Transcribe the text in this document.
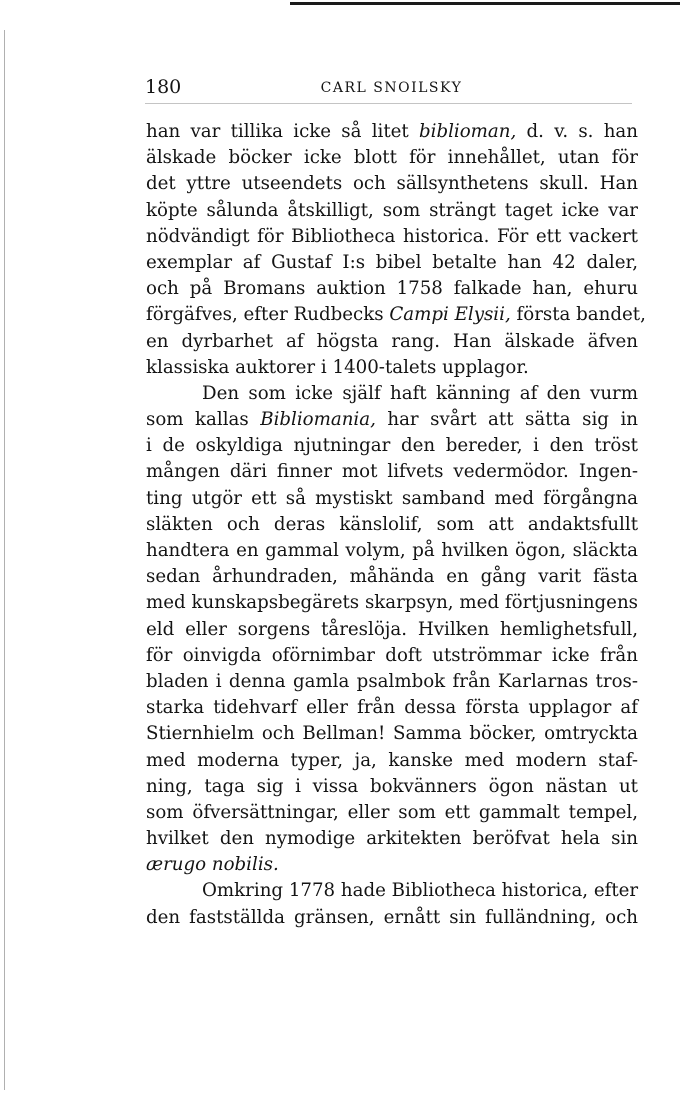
180	CARL SNOILSKY
han var tillika icke så litet biblioman, d. v. s. han
älskade böcker icke blott för innehållet, utan för
det yttre utseendets och sällsynthetens skull. Han
köpte sålunda åtskilligt, som strängt taget icke var
nödvändigt för Bibliotheca historica. För ett vackert
exemplar af Gustaf I:s bibel betalte han 42 daler,
och på Bromans auktion 1758 falkade han, ehuru
förgäfves, efter Rudbecks Campi Elysii, första bandet,
en dyrbarhet af högsta rang. Han älskade äfven
klassiska auktorer i 1400-talets upplagor.
Den som icke själf haft känning af den vurm
som kallas Bibliomania, har svårt att sätta sig in
i de oskyldiga njutningar den bereder, i den tröst
mången däri finner mot lifvets vedermödor. Ingen-
ting utgör ett så mystiskt samband med förgångna
släkten och deras känslolif, som att andaktsfullt
handtera en gammal volym, på hvilken ögon, släckta
sedan århundraden, måhända en gång varit fästa
med kunskapsbegärets skarpsyn, med förtjusningens
eld eller sorgens tåreslöja. Hvilken hemlighetsfull,
för oinvigda oförnimbar doft utströmmar icke från
bladen i denna gamla psalmbok från Karlarnas tros-
starka tidehvarf eller från dessa första upplagor af
Stiernhielm och Bellman! Samma böcker, omtryckta
med moderna typer, ja, kanske med modern staf-
ning, taga sig i vissa bokvänners ögon nästan ut
som öfversättningar, eller som ett gammalt tempel,
hvilket den nymodige arkitekten beröfvat hela sin
ærugo nobilis.
Omkring 1778 hade Bibliotheca historica, efter
den fastställda gränsen, ernått sin fulländning, och
